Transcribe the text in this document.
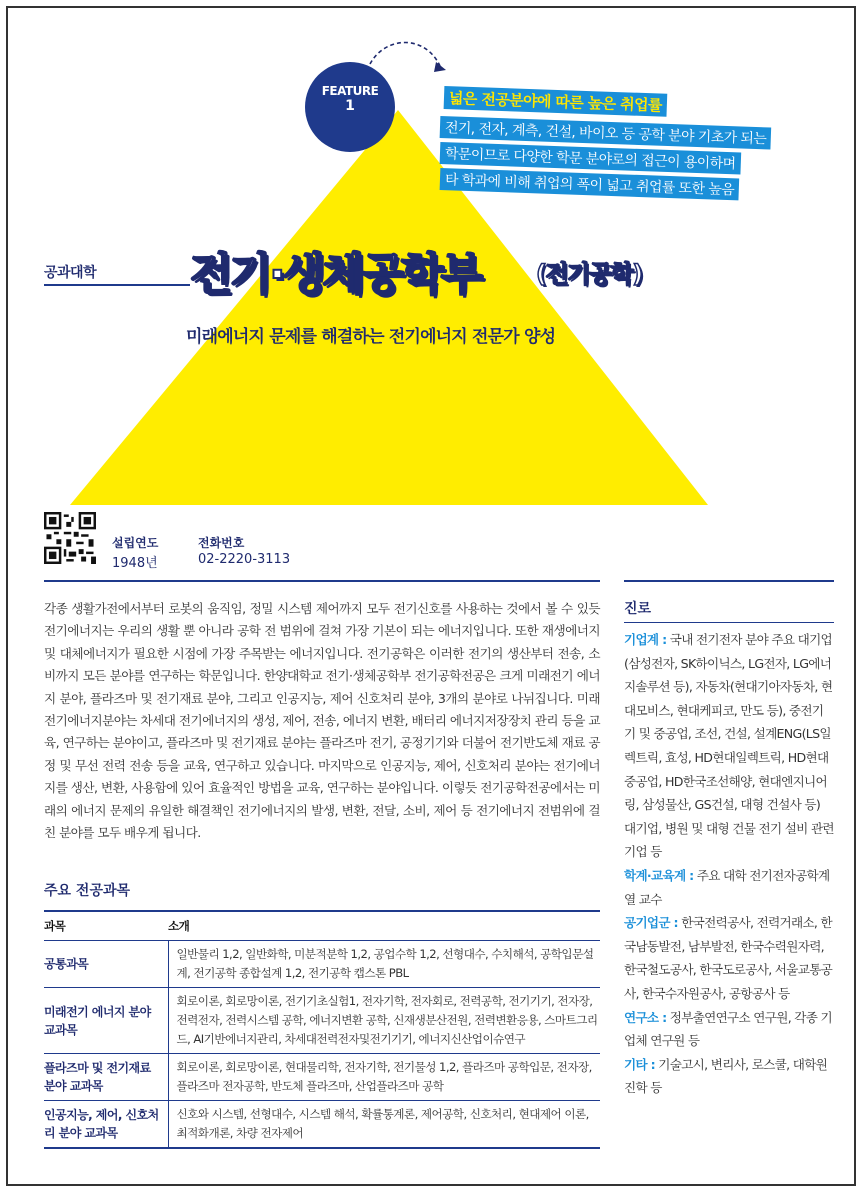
FEATURE
1	넓은 전공분야에 따른 높은 취업률
전기, 전자, 계측, 건설, 바이오 등 공학 분야 기초가 되는
학문이므로 다양한 학문 분야로의 접근이 용이하며
타 학과에 비해 취업의 폭이 넓고 취업률 또한 높음
공과대학 전기·생체공학부 (전기공학)
미래에너지 문제를 해결하는 전기에너지 전문가 양성
설립연도
1948년
전화번호
02-2220-3113
각종 생활가전에서부터 로봇의 움직임, 정밀 시스템 제어까지 모두 전기신호를 사용하는 것에서 볼 수 있듯 전기에너지는 우리의 생활 뿐 아니라 공학 전 범위에 걸쳐 가장 기본이 되는 에너지입니다. 또한 재생에너지 및 대체에너지가 필요한 시점에 가장 주목받는 에너지입니다. 전기공학은 이러한 전기의 생산부터 전송, 소비까지 모든 분야를 연구하는 학문입니다. 한양대학교 전기·생체공학부 전기공학전공은 크게 미래전기 에너지 분야, 플라즈마 및 전기재료 분야, 그리고 인공지능, 제어 신호처리 분야, 3개의 분야로 나뉘집니다. 미래전기에너지분야는 차세대 전기에너지의 생성, 제어, 전송, 에너지 변환, 배터리 에너지저장장치 관리 등을 교육, 연구하는 분야이고, 플라즈마 및 전기재료 분야는 플라즈마 전기, 공정기기와 더불어 전기반도체 재료 공정 및 무선 전력 전송 등을 교육, 연구하고 있습니다. 마지막으로 인공지능, 제어, 신호처리 분야는 전기에너지를 생산, 변환, 사용함에 있어 효율적인 방법을 교육, 연구하는 분야입니다. 이렇듯 전기공학전공에서는 미래의 에너지 문제의 유일한 해결책인 전기에너지의 발생, 변환, 전달, 소비, 제어 등 전기에너지 전범위에 걸친 분야를 모두 배우게 됩니다.
주요 전공과목
과목	소개
공통과목	일반물리 1,2, 일반화학, 미분적분학 1,2, 공업수학 1,2, 선형대수, 수치해석, 공학입문설계, 전기공학 종합설계 1,2, 전기공학 캡스톤 PBL
미래전기 에너지 분야 교과목	회로이론, 회로망이론, 전기기초실험1, 전자기학, 전자회로, 전력공학, 전기기기, 전자장, 전력전자, 전력시스템 공학, 에너지변환 공학, 신재생분산전원, 전력변환응용, 스마트그리드, AI기반에너지관리, 차세대전력전자및전기기기, 에너지신산업이슈연구
플라즈마 및 전기재료 분야 교과목	회로이론, 회로망이론, 현대물리학, 전자기학, 전기물성 1,2, 플라즈마 공학입문, 전자장, 플라즈마 전자공학, 반도체 플라즈마, 산업플라즈마 공학
인공지능, 제어, 신호처리 분야 교과목	신호와 시스템, 선형대수, 시스템 해석, 확률통계론, 제어공학, 신호처리, 현대제어 이론, 최적화개론, 차량 전자제어
진로

기업계 : 국내 전기전자 분야 주요 대기업(삼성전자, SK하이닉스, LG전자, LG에너지솔루션 등), 자동차(현대기아자동차, 현대모비스, 현대케피코, 만도 등), 중전기기 및 중공업, 조선, 건설, 설계ENG(LS일렉트릭, 효성, HD현대일렉트릭, HD현대중공업, HD한국조선해양, 현대엔지니어링, 삼성물산, GS건설, 대형 건설사 등) 대기업, 병원 및 대형 건물 전기 설비 관련 기업 등

학계·교육계 : 주요 대학 전기전자공학계열 교수

공기업군 : 한국전력공사, 전력거래소, 한국남동발전, 남부발전, 한국수력원자력, 한국철도공사, 한국도로공사, 서울교통공사, 한국수자원공사, 공항공사 등

연구소 : 정부출연연구소 연구원, 각종 기업체 연구원 등

기타 : 기술고시, 변리사, 로스쿨, 대학원 진학 등
